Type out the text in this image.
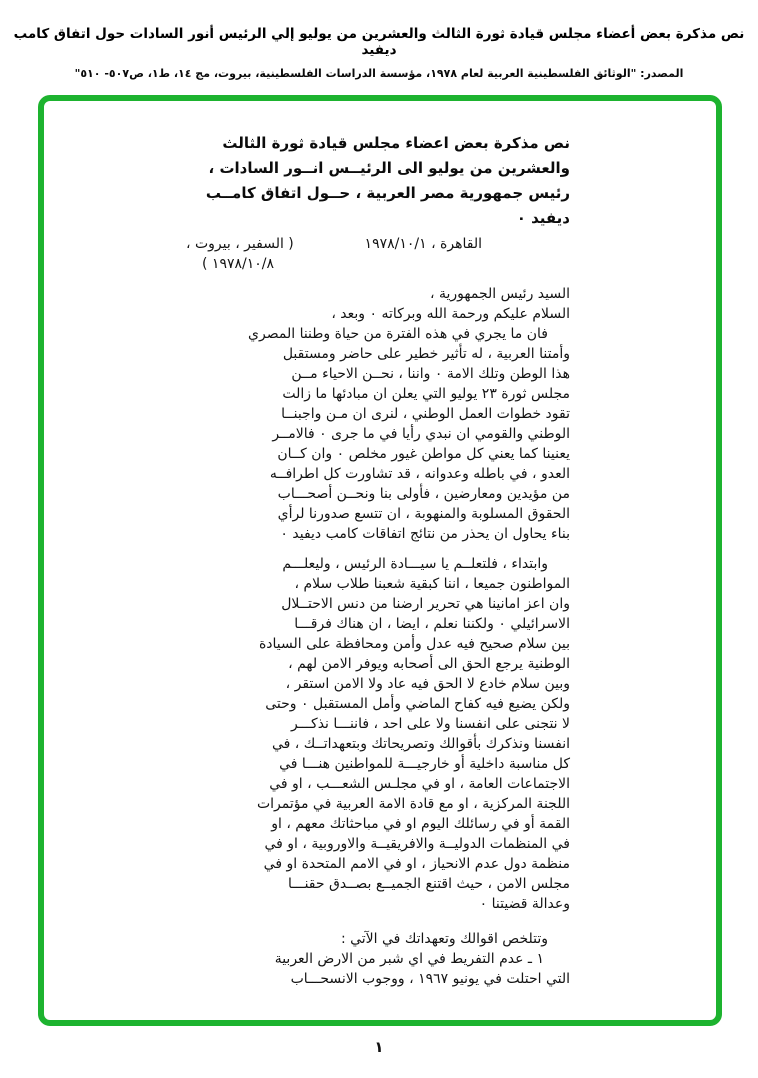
نص مذكرة بعض أعضاء مجلس قيادة ثورة الثالث والعشرين من يوليو إلي الرئيس أنور السادات حول اتفاق كامب ديفيد
المصدر: "الوثائق الفلسطينية العربية لعام ١٩٧٨، مؤسسة الدراسات الفلسطينية، بيروت، مج ١٤، ط١، ص٥٠٧- ٥١٠"
نص مذكرة بعض اعضاء مجلس قيادة ثورة الثالث
والعشرين من يوليو الى الرئيــس انــور السادات ،
رئيس جمهورية مصر العربية ، حــول اتفاق كامــب
ديفيد ٠
القاهرة ، ١٩٧٨/١٠/١
( السفير ، بيروت ،
١٩٧٨/١٠/٨ )
السيد رئيس الجمهورية ،
السلام عليكم ورحمة الله وبركاته ٠ وبعد ،
فان ما يجري في هذه الفترة من حياة وطننا المصري
وأمتنا العربية ، له تأثير خطير على حاضر ومستقبل
هذا الوطن وتلك الامة ٠ واننا ، نحــن الاحياء مــن
مجلس ثورة ٢٣ يوليو التي يعلن ان مبادئها ما زالت
تقود خطوات العمل الوطني ، لنرى ان مـن واجبنــا
الوطني والقومي ان نبدي رأيا في ما جرى ٠ فالامــر
يعنينا كما يعني كل مواطن غيور مخلص ٠ وان كــان
العدو ، في باطله وعدوانه ، قد تشاورت كل اطرافــه
من مؤيدين ومعارضين ، فأولى بنا ونحــن أصحـــاب
الحقوق المسلوبة والمنهوبة ، ان تتسع صدورنا لرأي
بناء يحاول ان يحذر من نتائج اتفاقات كامب ديفيد ٠
وابتداء ، فلتعلــم يا سيـــادة الرئيس ، وليعلـــم
المواطنون جميعا ، اننا كبقية شعبنا طلاب سلام ،
وان اعز امانينا هي تحرير ارضنا من دنس الاحتــلال
الاسرائيلي ٠ ولكننا نعلم ، ايضا ، ان هناك فرقـــا
بين سلام صحيح فيه عدل وأمن ومحافظة على السيادة
الوطنية يرجع الحق الى أصحابه ويوفر الامن لهم ،
وبين سلام خادع لا الحق فيه عاد ولا الامن استقر ،
ولكن يضيع فيه كفاح الماضي وأمل المستقبل ٠ وحتى
لا نتجنى على انفسنا ولا على احد ، فاننـــا نذكـــر
انفسنا ونذكرك بأقوالك وتصريحاتك وبتعهداتــك ، في
كل مناسبة داخلية أو خارجيـــة للمواطنين هنـــا في
الاجتماعات العامة ، او في مجلـس الشعـــب ، او في
اللجنة المركزية ، او مع قادة الامة العربية في مؤتمرات
القمة أو في رسائلك اليوم او في مباحثاتك معهم ، او
في المنظمات الدوليــة والافريقيــة والاوروبية ، او في
منظمة دول عدم الانحياز ، او في الامم المتحدة او في
مجلس الامن ، حيث اقتنع الجميــع بصــدق حقنـــا
وعدالة قضيتنا ٠
وتتلخص اقوالك وتعهداتك في الآتي :
١ ـ عدم التفريط في اي شبر من الارض العربية
التي احتلت في يونيو ١٩٦٧ ، ووجوب الانسحـــاب
١
